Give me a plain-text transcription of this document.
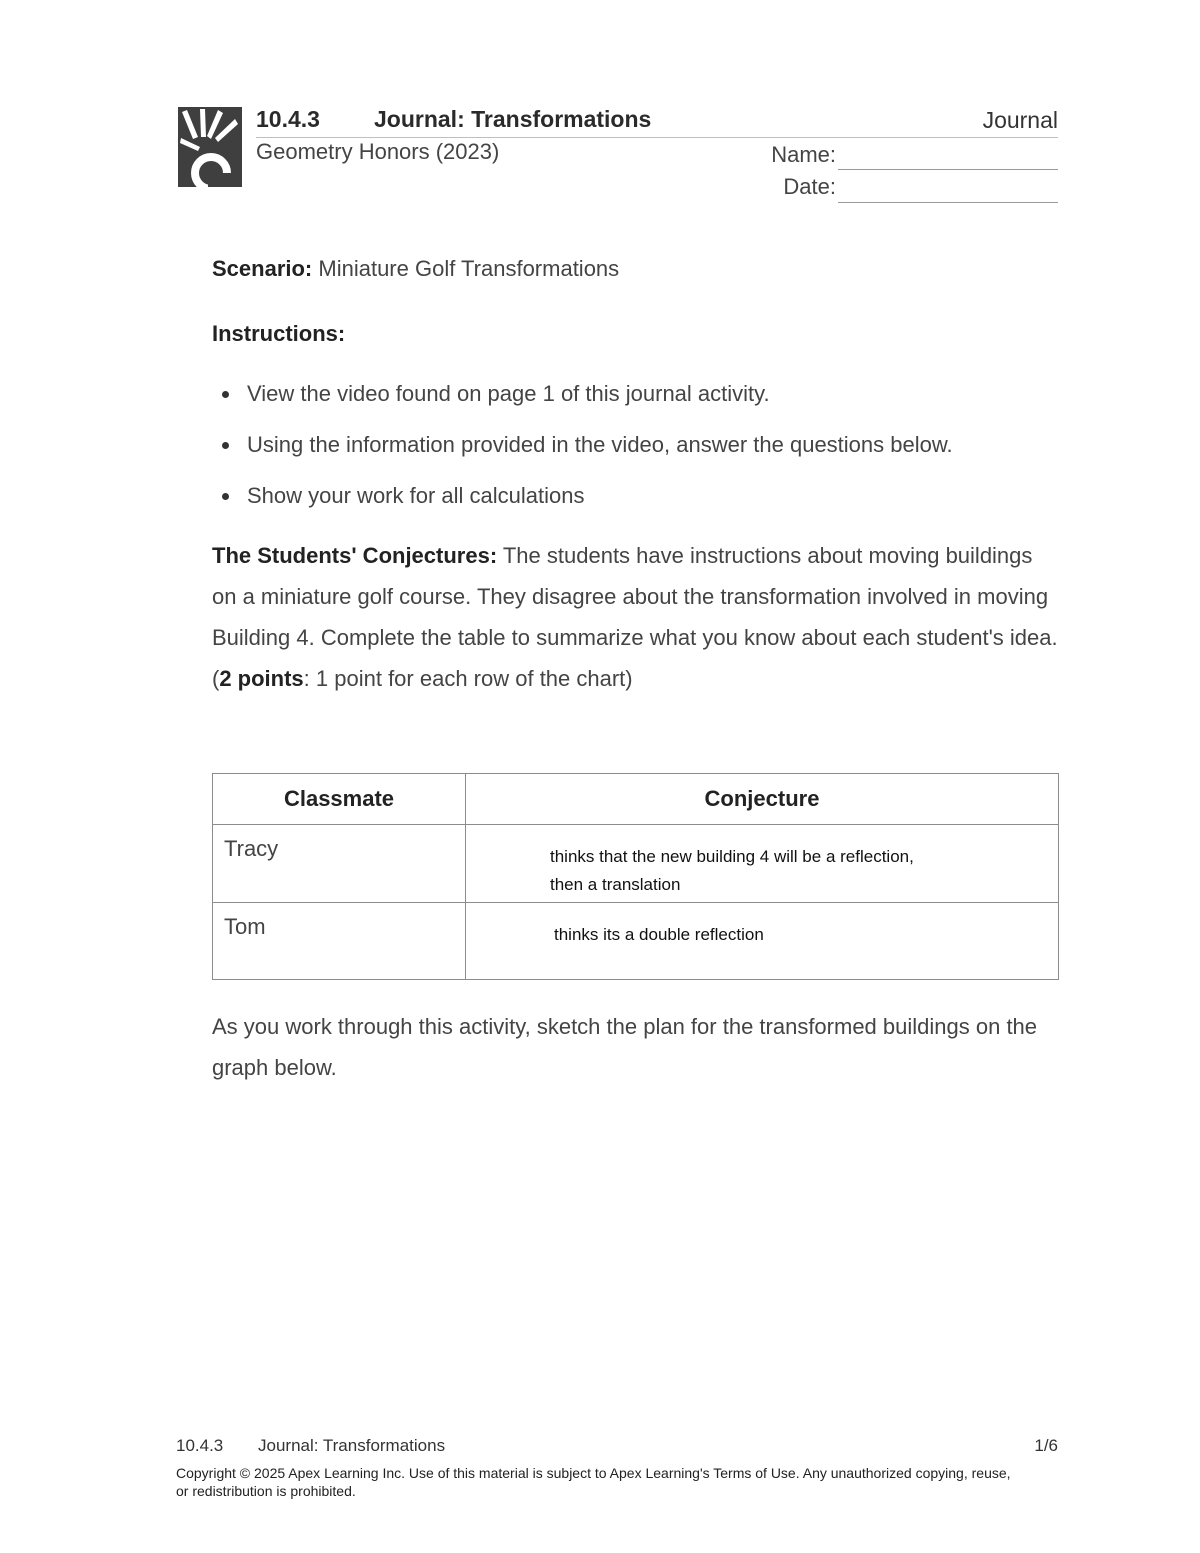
10.4.3 Journal: Transformations	Journal
Geometry Honors (2023)	Name:
Date:
Scenario: Miniature Golf Transformations
Instructions:
View the video found on page 1 of this journal activity.
Using the information provided in the video, answer the questions below.
Show your work for all calculations
The Students' Conjectures: The students have instructions about moving buildings on a miniature golf course. They disagree about the transformation involved in moving Building 4. Complete the table to summarize what you know about each student's idea. (2 points: 1 point for each row of the chart)
Classmate	Conjecture
Tracy	thinks that the new building 4 will be a reflection,
then a translation

Tom	thinks its a double reflection
As you work through this activity, sketch the plan for the transformed buildings on the graph below.
10.4.3 Journal: Transformations	1/6
Copyright © 2025 Apex Learning Inc. Use of this material is subject to Apex Learning's Terms of Use. Any unauthorized copying, reuse, or redistribution is prohibited.
